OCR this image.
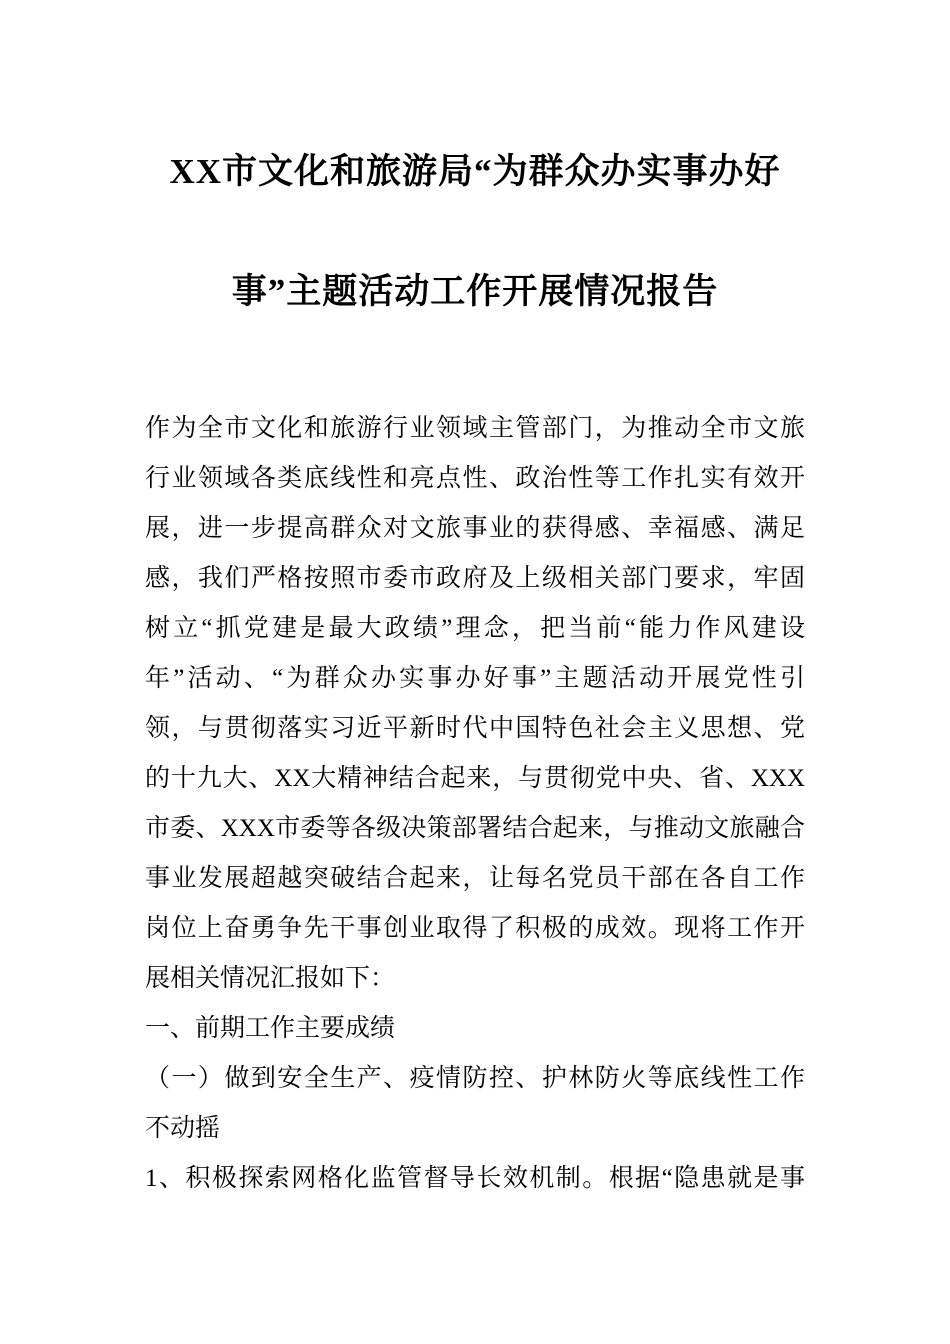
XX市文化和旅游局“为群众办实事办好
事”主题活动工作开展情况报告
作为全市文化和旅游行业领域主管部门，为推动全市文旅
行业领域各类底线性和亮点性、政治性等工作扎实有效开
展，进一步提高群众对文旅事业的获得感、幸福感、满足
感，我们严格按照市委市政府及上级相关部门要求，牢固
树立“抓党建是最大政绩”理念，把当前“能力作风建设
年”活动、“为群众办实事办好事”主题活动开展党性引
领，与贯彻落实习近平新时代中国特色社会主义思想、党
的十九大、XX大精神结合起来，与贯彻党中央、省、XXX
市委、XXX市委等各级决策部署结合起来，与推动文旅融合
事业发展超越突破结合起来，让每名党员干部在各自工作
岗位上奋勇争先干事创业取得了积极的成效。现将工作开
展相关情况汇报如下：
一、前期工作主要成绩
（一）做到安全生产、疫情防控、护林防火等底线性工作
不动摇
1、积极探索网格化监管督导长效机制。根据“隐患就是事
